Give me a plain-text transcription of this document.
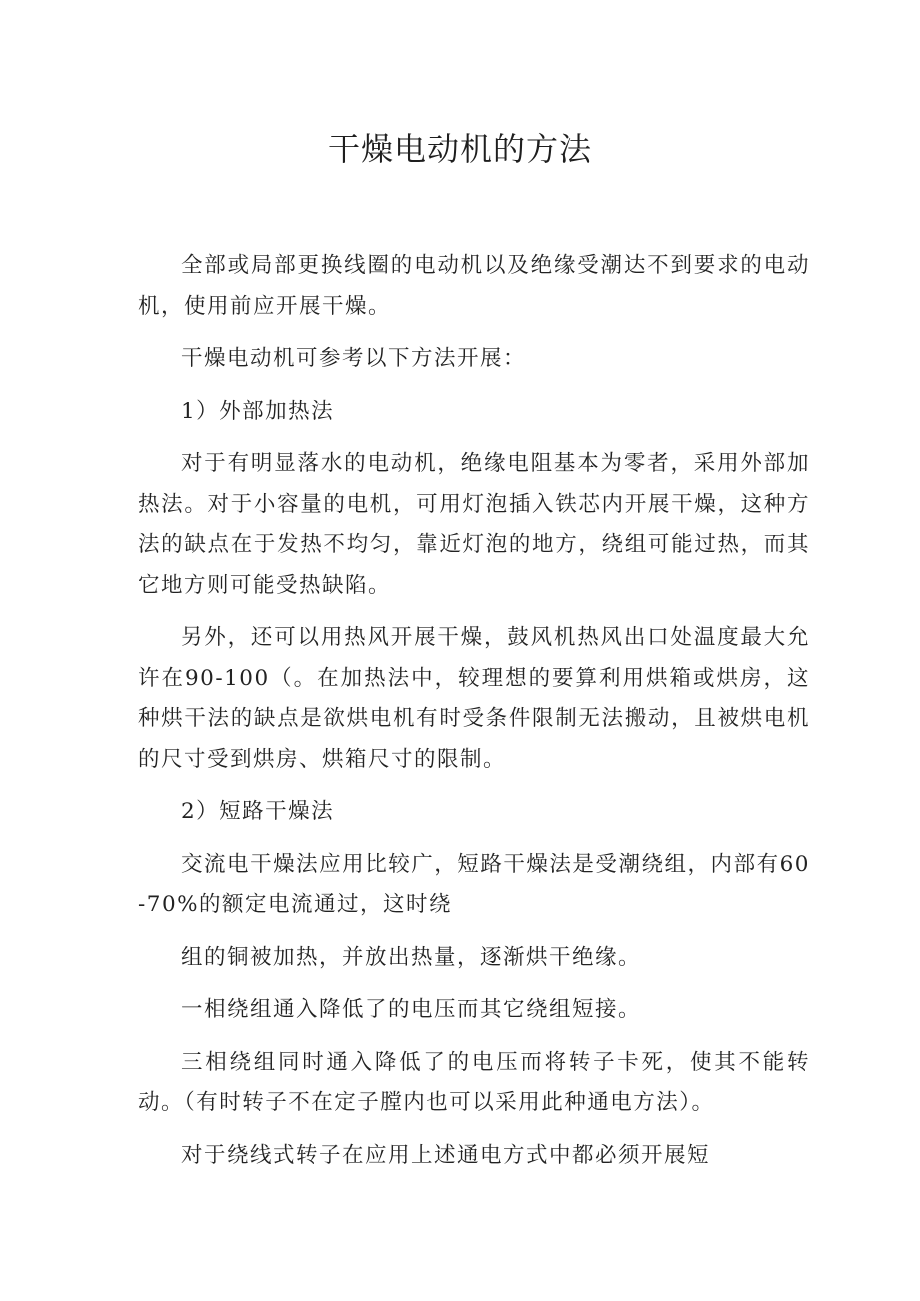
干燥电动机的方法

全部或局部更换线圈的电动机以及绝缘受潮达不到要求的电动机，使用前应开展干燥。

干燥电动机可参考以下方法开展：

1）外部加热法

对于有明显落水的电动机，绝缘电阻基本为零者，采用外部加热法。对于小容量的电机，可用灯泡插入铁芯内开展干燥，这种方法的缺点在于发热不均匀，靠近灯泡的地方，绕组可能过热，而其它地方则可能受热缺陷。

另外，还可以用热风开展干燥，鼓风机热风出口处温度最大允许在90-100（。在加热法中，较理想的要算利用烘箱或烘房，这种烘干法的缺点是欲烘电机有时受条件限制无法搬动，且被烘电机的尺寸受到烘房、烘箱尺寸的限制。

2）短路干燥法

交流电干燥法应用比较广，短路干燥法是受潮绕组，内部有60-70%的额定电流通过，这时绕

组的铜被加热，并放出热量，逐渐烘干绝缘。

一相绕组通入降低了的电压而其它绕组短接。

三相绕组同时通入降低了的电压而将转子卡死，使其不能转动。（有时转子不在定子膛内也可以采用此种通电方法）。

对于绕线式转子在应用上述通电方式中都必须开展短
